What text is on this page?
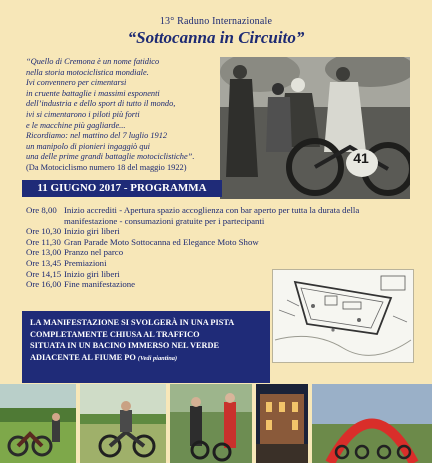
13° Raduno Internazionale
“Sottocanna in Circuito”
“Quello di Cremona è un nome fatidico
nella storia motociclistica mondiale.
Ivi convennero per cimentarsi
in cruente battaglie i massimi esponenti
dell’industria e dello sport di tutto il mondo,
ivi si cimentarono i piloti più forti
e le macchine più gagliarde...
Ricordiamo: nel mattino del 7 luglio 1912
un manipolo di pionieri ingaggiò qui
una delle prime grandi battaglie motociclistiche”.
(Da Motociclismo numero 18 del maggio 1922)
41
11 GIUGNO 2017 - PROGRAMMA
Ore 8,00 Inizio accrediti - Apertura spazio accoglienza con bar aperto per tutta la durata della manifestazione - consumazioni gratuite per i partecipanti
Ore 10,30 Inizio giri liberi
Ore 11,30 Gran Parade Moto Sottocanna ed Elegance Moto Show
Ore 13,00 Pranzo nel parco
Ore 13,45 Premiazioni
Ore 14,15 Inizio giri liberi
Ore 16,00 Fine manifestazione
LA MANIFESTAZIONE SI SVOLGERÀ IN UNA PISTA
COMPLETAMENTE CHIUSA AL TRAFFICO
SITUATA IN UN BACINO IMMERSO NEL VERDE
ADIACENTE AL FIUME PO (Vedi piantina)
